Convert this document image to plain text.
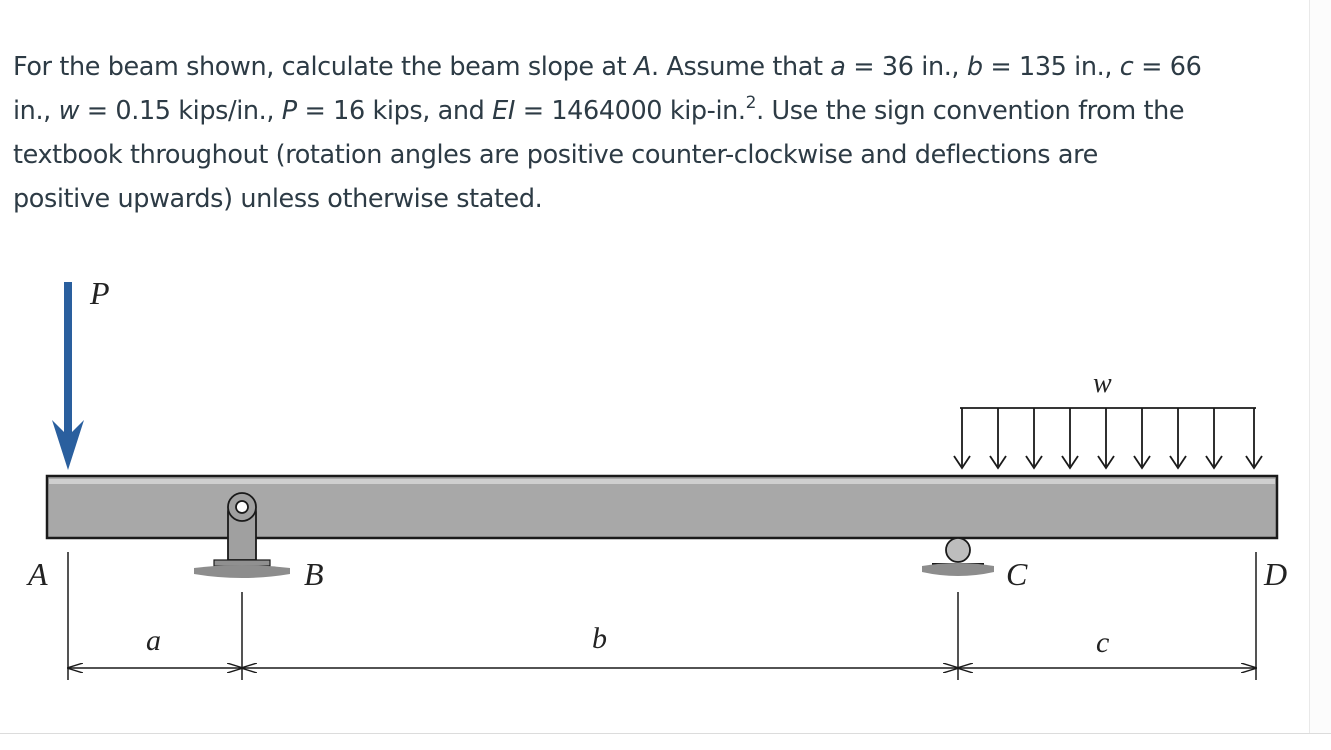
For the beam shown, calculate the beam slope at A. Assume that a = 36 in., b = 135 in., c = 66
in., w = 0.15 kips/in., P = 16 kips, and EI = 1464000 kip-in.$^2$. Use the sign convention from the
textbook throughout (rotation angles are positive counter-clockwise and deflections are
positive upwards) unless otherwise stated.
P
w
A	B	C	D
a	b	c
